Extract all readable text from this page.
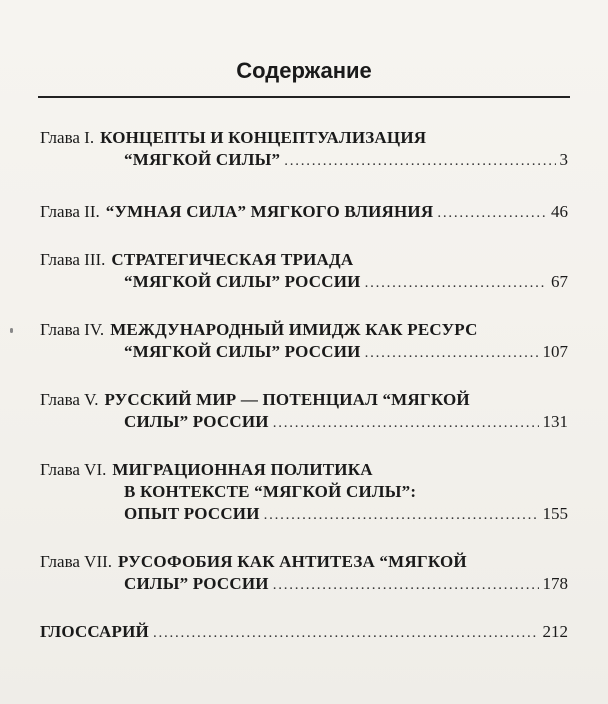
Содержание
Глава I. КОНЦЕПТЫ И КОНЦЕПТУАЛИЗАЦИЯ
“МЯГКОЙ СИЛЫ” . . .	3
Глава II. “УМНАЯ СИЛА” МЯГКОГО ВЛИЯНИЯ . . .	46
Глава III. СТРАТЕГИЧЕСКАЯ ТРИАДА
“МЯГКОЙ СИЛЫ” РОССИИ . . .	67
Глава IV. МЕЖДУНАРОДНЫЙ ИМИДЖ КАК РЕСУРС
“МЯГКОЙ СИЛЫ” РОССИИ . . .	107
Глава V. РУССКИЙ МИР — ПОТЕНЦИАЛ “МЯГКОЙ
СИЛЫ” РОССИИ . . .	131
Глава VI. МИГРАЦИОННАЯ ПОЛИТИКА
В КОНТЕКСТЕ “МЯГКОЙ СИЛЫ”:
ОПЫТ РОССИИ . . .	155
Глава VII. РУСОФОБИЯ КАК АНТИТЕЗА “МЯГКОЙ
СИЛЫ” РОССИИ . . .	178
ГЛОССАРИЙ . . .	212
